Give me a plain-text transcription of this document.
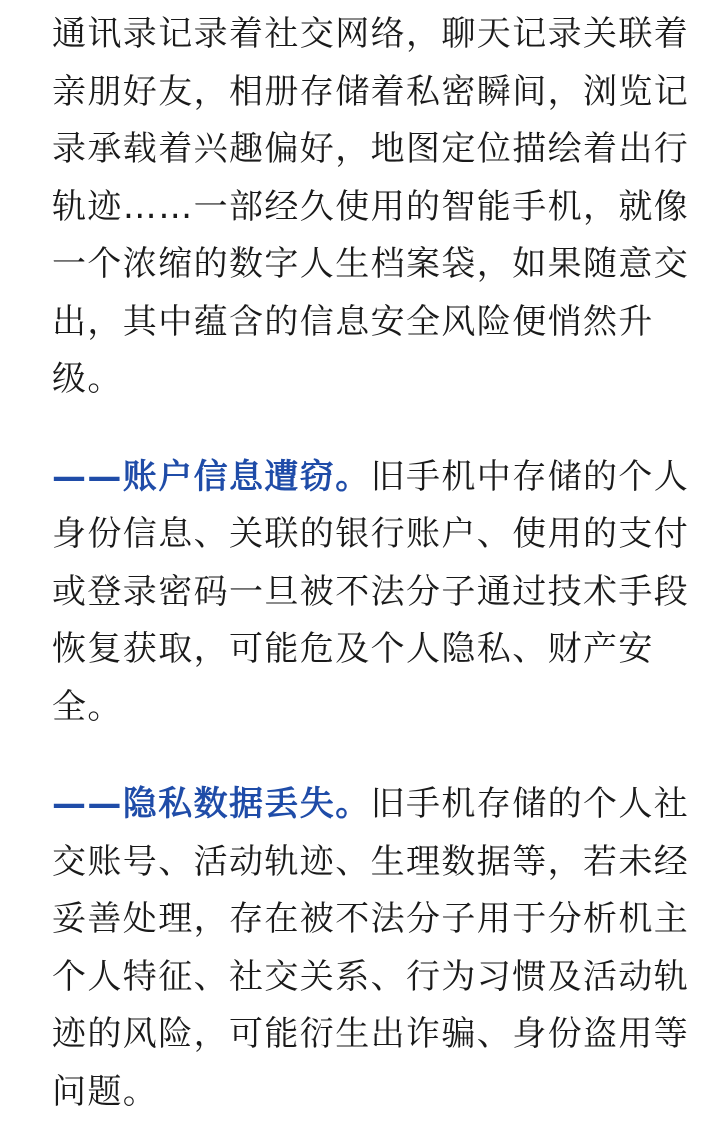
通讯录记录着社交网络，聊天记录关联着
亲朋好友，相册存储着私密瞬间，浏览记
录承载着兴趣偏好，地图定位描绘着出行
轨迹……一部经久使用的智能手机，就像
一个浓缩的数字人生档案袋，如果随意交
出，其中蕴含的信息安全风险便悄然升
级。

——账户信息遭窃。旧手机中存储的个人
身份信息、关联的银行账户、使用的支付
或登录密码一旦被不法分子通过技术手段
恢复获取，可能危及个人隐私、财产安
全。

——隐私数据丢失。旧手机存储的个人社
交账号、活动轨迹、生理数据等，若未经
妥善处理，存在被不法分子用于分析机主
个人特征、社交关系、行为习惯及活动轨
迹的风险，可能衍生出诈骗、身份盗用等
问题。
